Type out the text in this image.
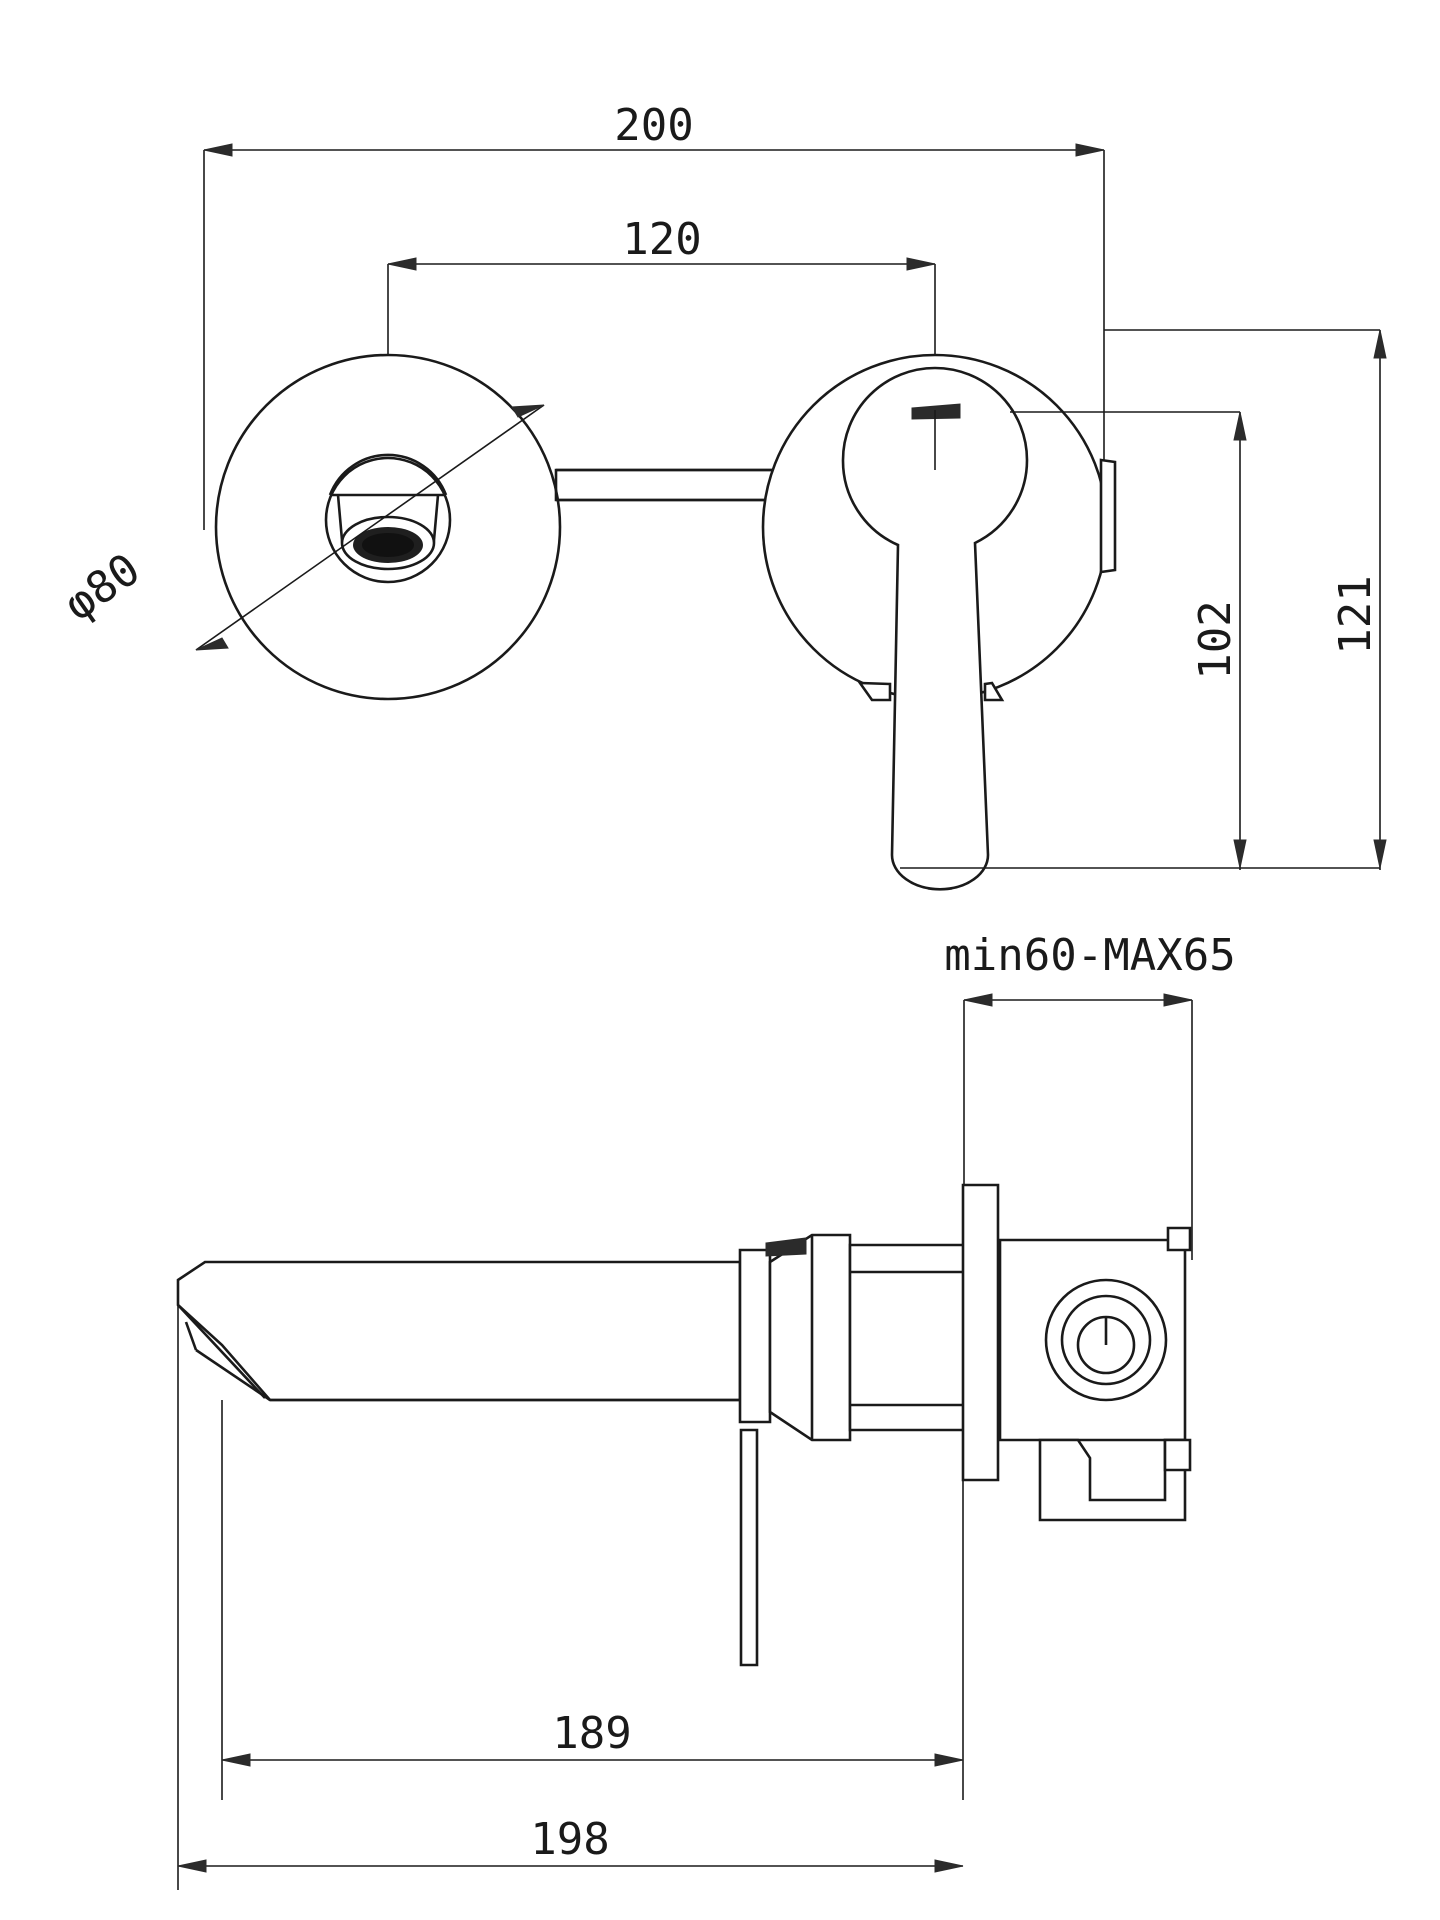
200
120
φ80
102 121
min60-MAX65
189
198
